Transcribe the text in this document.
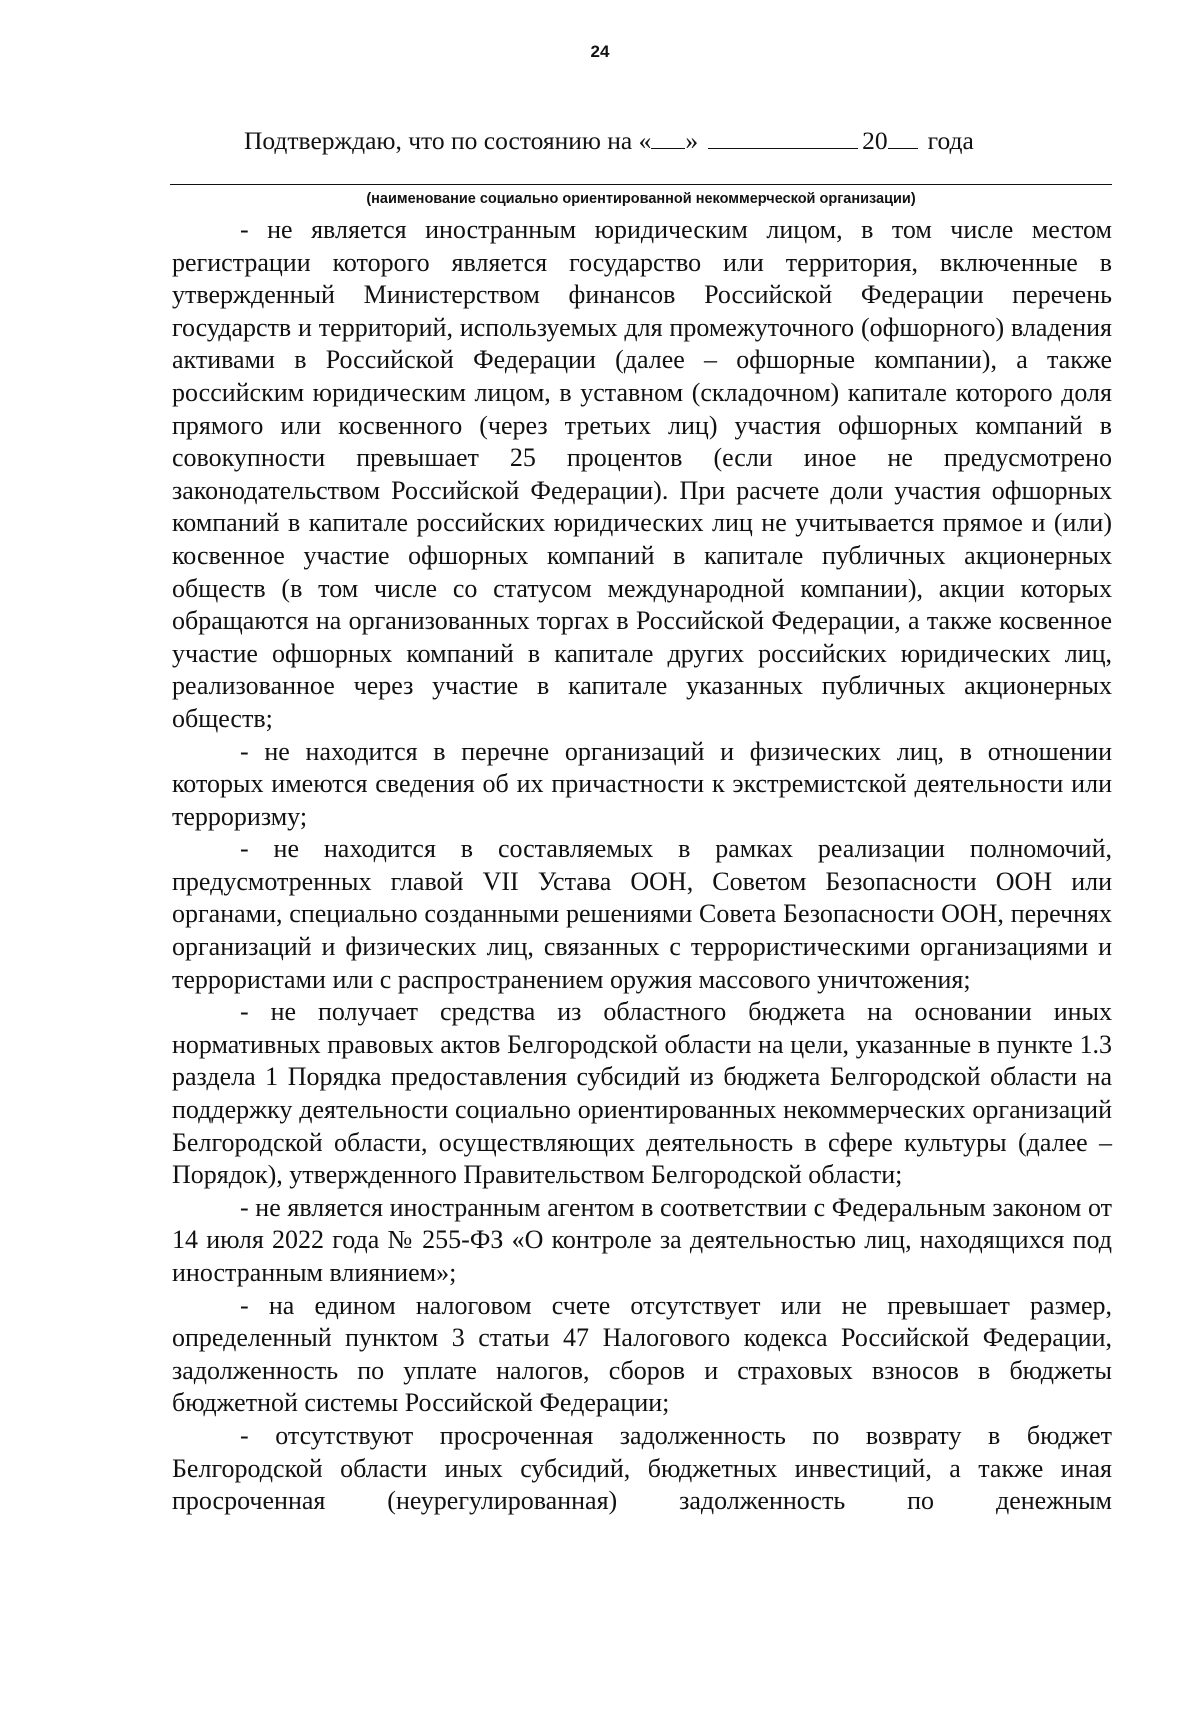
24
Подтверждаю, что по состоянию на « »	20 года
(наименование социально ориентированной некоммерческой организации)

- не является иностранным юридическим лицом, в том числе местом регистрации которого является государство или территория, включенные в утвержденный Министерством финансов Российской Федерации перечень государств и территорий, используемых для промежуточного (офшорного) владения активами в Российской Федерации (далее – офшорные компании), а также российским юридическим лицом, в уставном (складочном) капитале которого доля прямого или косвенного (через третьих лиц) участия офшорных компаний в совокупности превышает 25 процентов (если иное не предусмотрено законодательством Российской Федерации). При расчете доли участия офшорных компаний в капитале российских юридических лиц не учитывается прямое и (или) косвенное участие офшорных компаний в капитале публичных акционерных обществ (в том числе со статусом международной компании), акции которых обращаются на организованных торгах в Российской Федерации, а также косвенное участие офшорных компаний в капитале других российских юридических лиц, реализованное через участие в капитале указанных публичных акционерных обществ;

- не находится в перечне организаций и физических лиц, в отношении которых имеются сведения об их причастности к экстремистской деятельности или терроризму;

- не находится в составляемых в рамках реализации полномочий, предусмотренных главой VII Устава ООН, Советом Безопасности ООН или органами, специально созданными решениями Совета Безопасности ООН, перечнях организаций и физических лиц, связанных с террористическими организациями и террористами или с распространением оружия массового уничтожения;

- не получает средства из областного бюджета на основании иных нормативных правовых актов Белгородской области на цели, указанные в пункте 1.3 раздела 1 Порядка предоставления субсидий из бюджета Белгородской области на поддержку деятельности социально ориентированных некоммерческих организаций Белгородской области, осуществляющих деятельность в сфере культуры (далее – Порядок), утвержденного Правительством Белгородской области;

- не является иностранным агентом в соответствии с Федеральным законом от 14 июля 2022 года № 255-ФЗ «О контроле за деятельностью лиц, находящихся под иностранным влиянием»;

- на едином налоговом счете отсутствует или не превышает размер, определенный пунктом 3 статьи 47 Налогового кодекса Российской Федерации, задолженность по уплате налогов, сборов и страховых взносов в бюджеты бюджетной системы Российской Федерации;

- отсутствуют просроченная задолженность по возврату в бюджет Белгородской области иных субсидий, бюджетных инвестиций, а также иная просроченная (неурегулированная) задолженность по денежным
